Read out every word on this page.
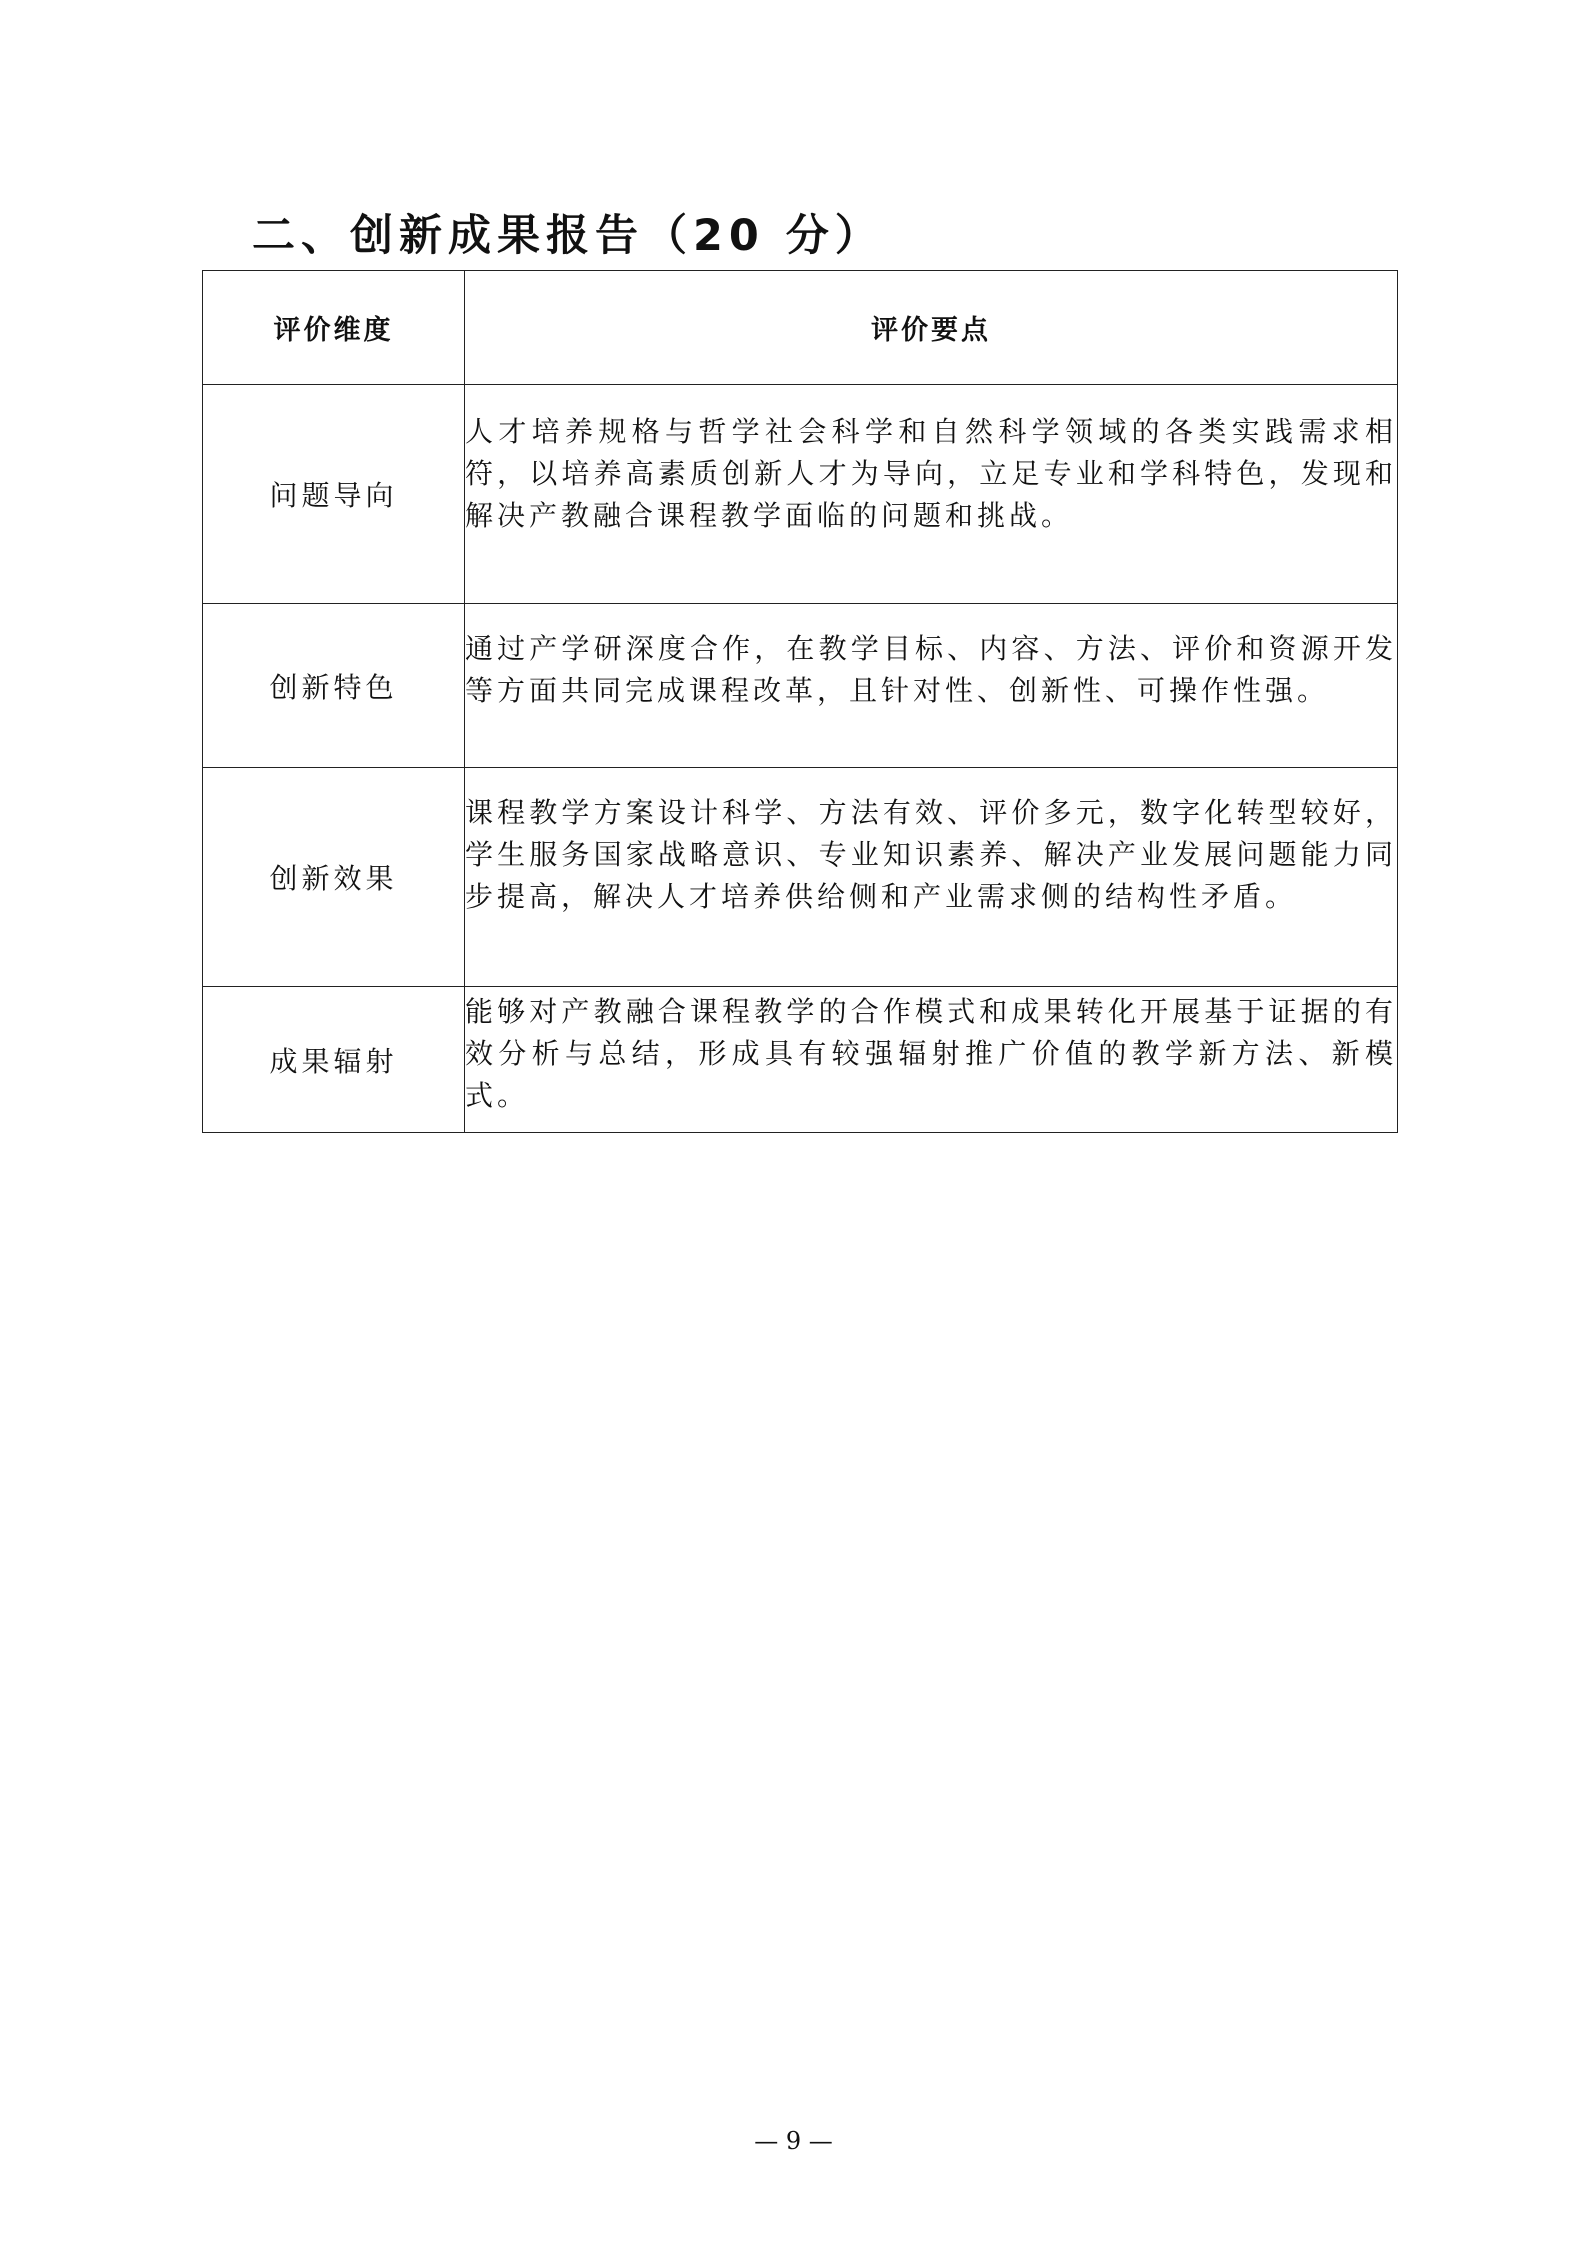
二、创新成果报告（20 分）
评价维度	评价要点
问题导向	人才培养规格与哲学社会科学和自然科学领域的各类实践需求相符，以培养高素质创新人才为导向，立足专业和学科特色，发现和解决产教融合课程教学面临的问题和挑战。
创新特色	通过产学研深度合作，在教学目标、内容、方法、评价和资源开发等方面共同完成课程改革，且针对性、创新性、可操作性强。
创新效果	课程教学方案设计科学、方法有效、评价多元，数字化转型较好，学生服务国家战略意识、专业知识素养、解决产业发展问题能力同步提高，解决人才培养供给侧和产业需求侧的结构性矛盾。
成果辐射	能够对产教融合课程教学的合作模式和成果转化开展基于证据的有效分析与总结，形成具有较强辐射推广价值的教学新方法、新模式。
— 9 —
